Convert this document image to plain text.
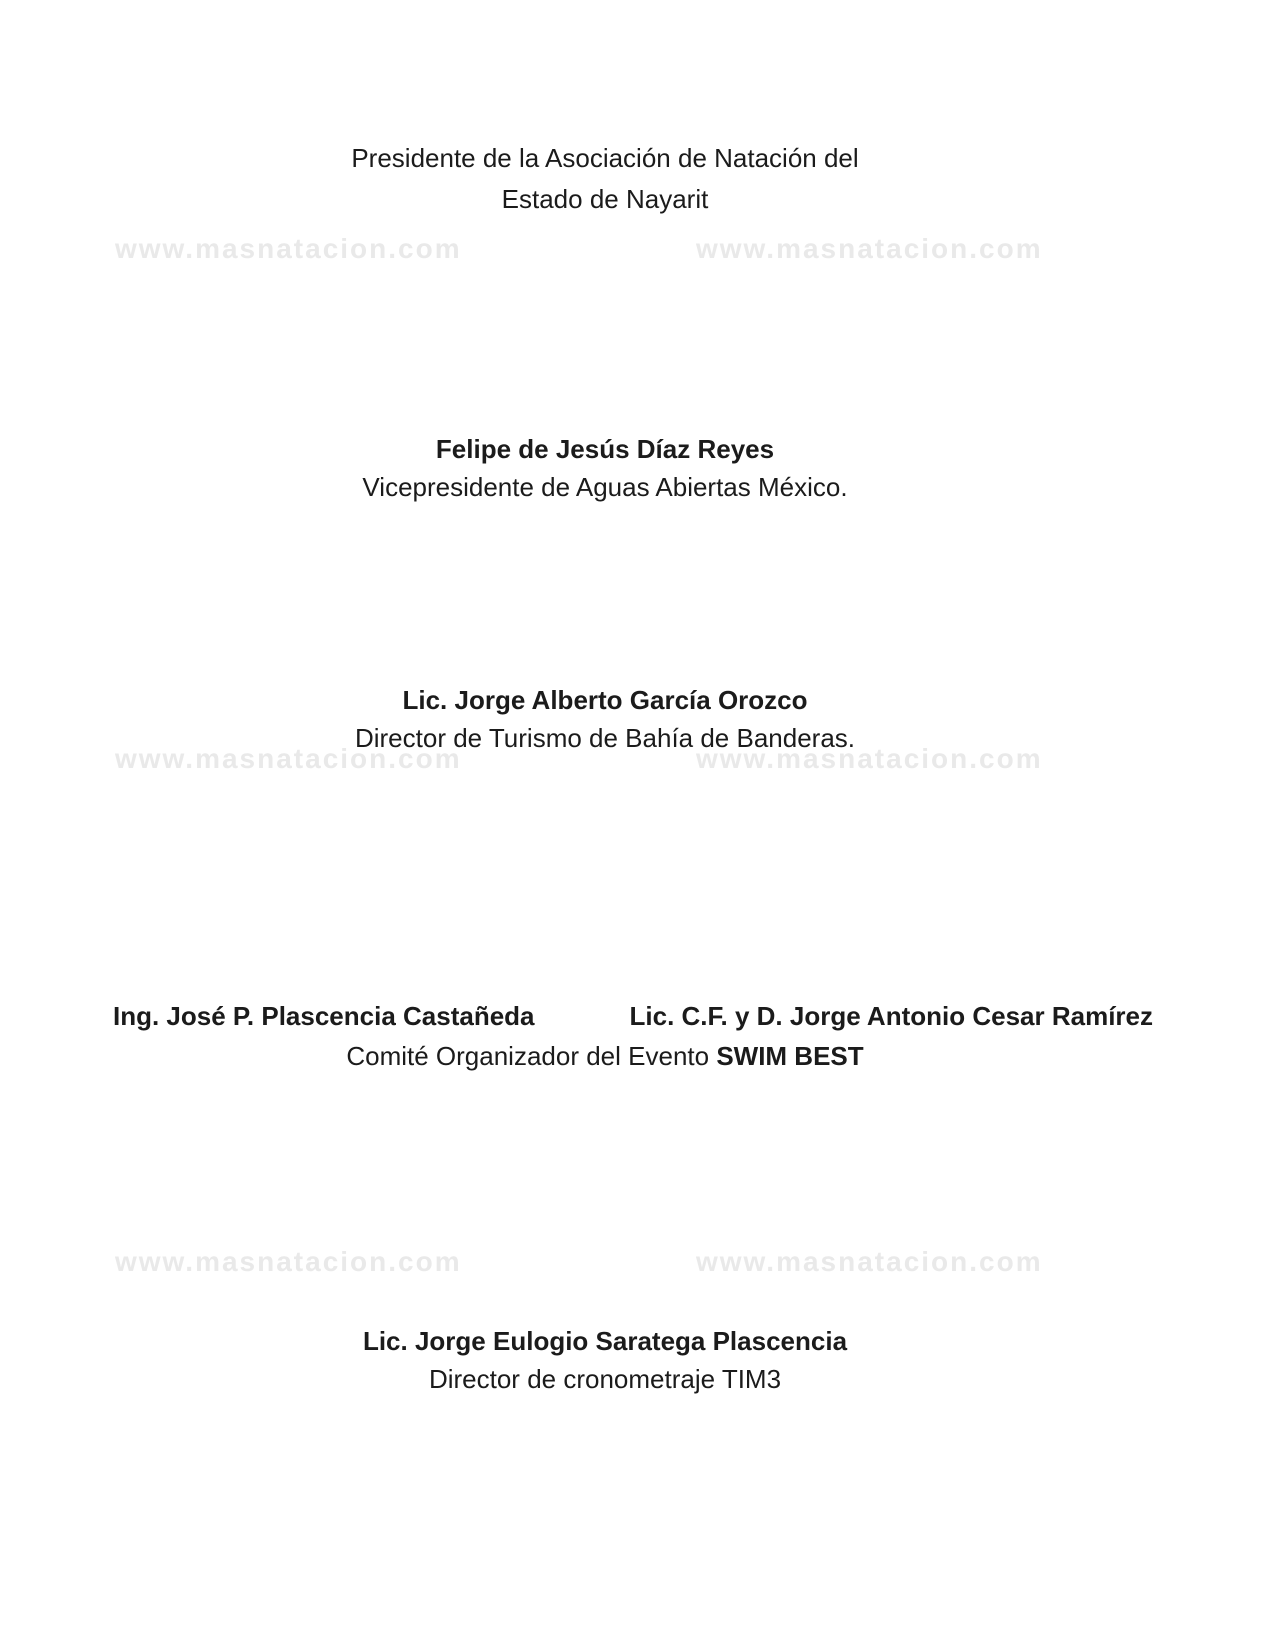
www.masnatacion.com	www.masnatacion.com
www.masnatacion.com	www.masnatacion.com
www.masnatacion.com	www.masnatacion.com
Presidente de la Asociación de Natación del
Estado de Nayarit
Felipe de Jesús Díaz Reyes
Vicepresidente de Aguas Abiertas México.
Lic. Jorge Alberto García Orozco
Director de Turismo de Bahía de Banderas.
Ing. José P. Plascencia Castañeda	Lic. C.F. y D. Jorge Antonio Cesar Ramírez
Comité Organizador del Evento SWIM BEST
Lic. Jorge Eulogio Saratega Plascencia
Director de cronometraje TIM3
